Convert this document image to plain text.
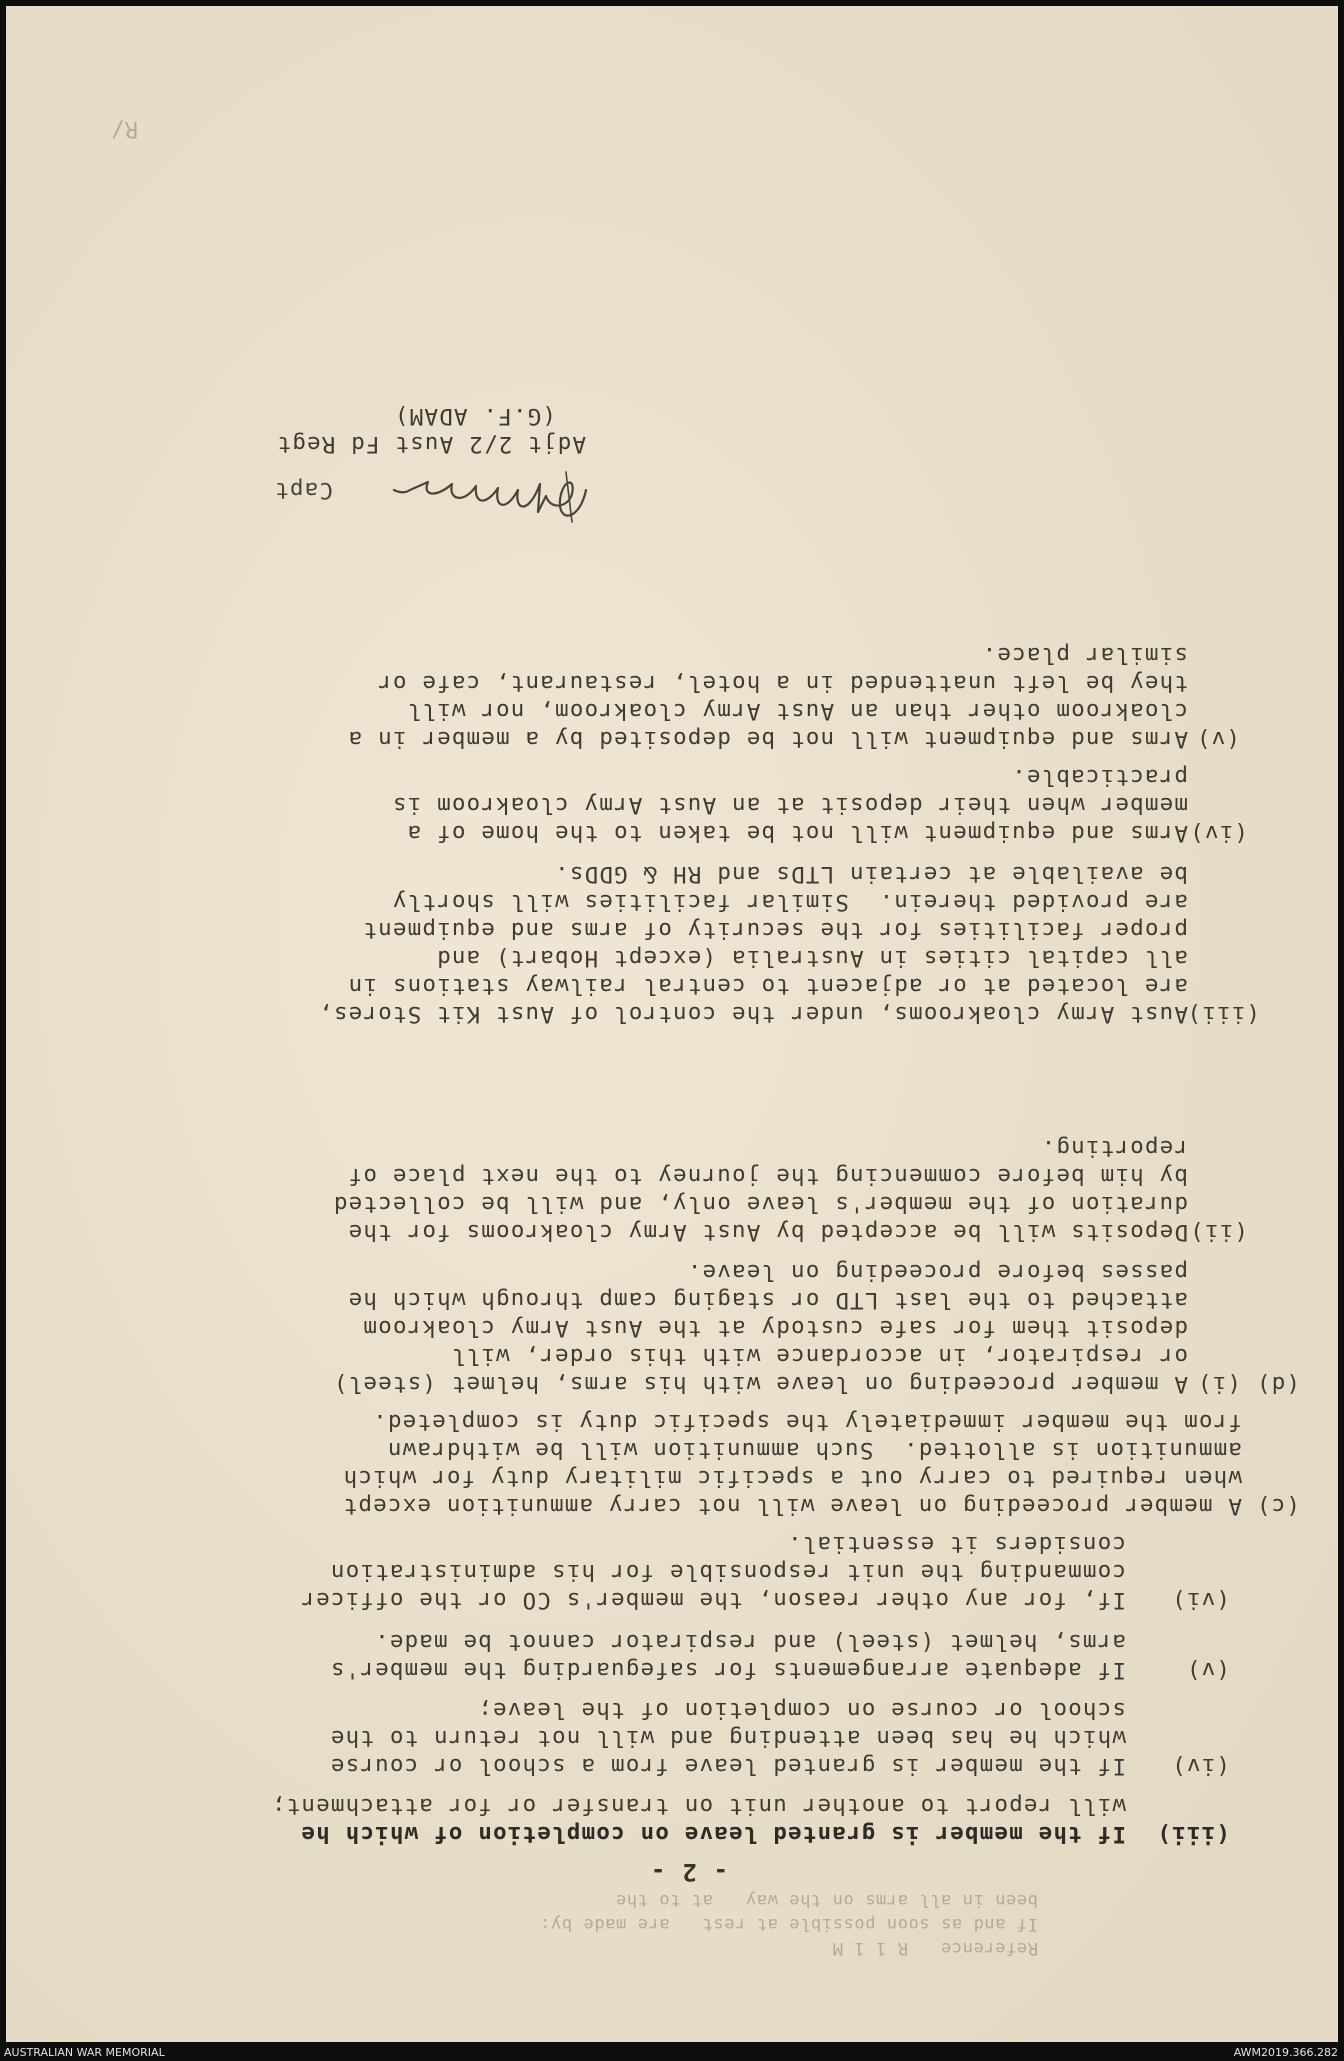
Reference   R 1 1 M
If and as soon possible at rest   are made by:
been in all arms on the way   at to the
- 2 -
(iii)
If the member is granted leave on completion of which he
will report to another unit on transfer or for attachment;
(iv)
If the member is granted leave from a school or course
which he has been attending and will not return to the
school or course on completion of the leave;
(v)
If adequate arrangements for safeguarding the member's
arms, helmet (steel) and respirator cannot be made.
(vi)
If, for any other reason, the member's CO or the officer
commanding the unit responsible for his administration
considers it essential.
(c)
A member proceeding on leave will not carry ammunition except
when required to carry out a specific military duty for which
ammunition is allotted.  Such ammunition will be withdrawn
from the member immediately the specific duty is completed.
(d) (i)
A member proceeding on leave with his arms, helmet (steel)
or respirator, in accordance with this order, will
deposit them for safe custody at the Aust Army cloakroom
attached to the last LTD or staging camp through which he
passes before proceeding on leave.
(ii)
Deposits will be accepted by Aust Army cloakrooms for the
duration of the member's leave only, and will be collected
by him before commencing the journey to the next place of
reporting.
(iii)
Aust Army cloakrooms, under the control of Aust Kit Stores,
are located at or adjacent to central railway stations in
all capital cities in Australia (except Hobart) and
proper facilities for the security of arms and equipment
are provided therein.  Similar facilities will shortly
be available at certain LTDs and RH & GDDs.
(iv)
Arms and equipment will not be taken to the home of a
member when their deposit at an Aust Army cloakroom is
practicable.
(v)
Arms and equipment will not be deposited by a member in a
cloakroom other than an Aust Army cloakroom, nor will
they be left unattended in a hotel, restaurant, cafe or
similar place.
Capt
Adjt 2/2 Aust Fd Regt
(G.F. ADAM)
R/
AUSTRALIAN WAR MEMORIAL	AWM2019.366.282
